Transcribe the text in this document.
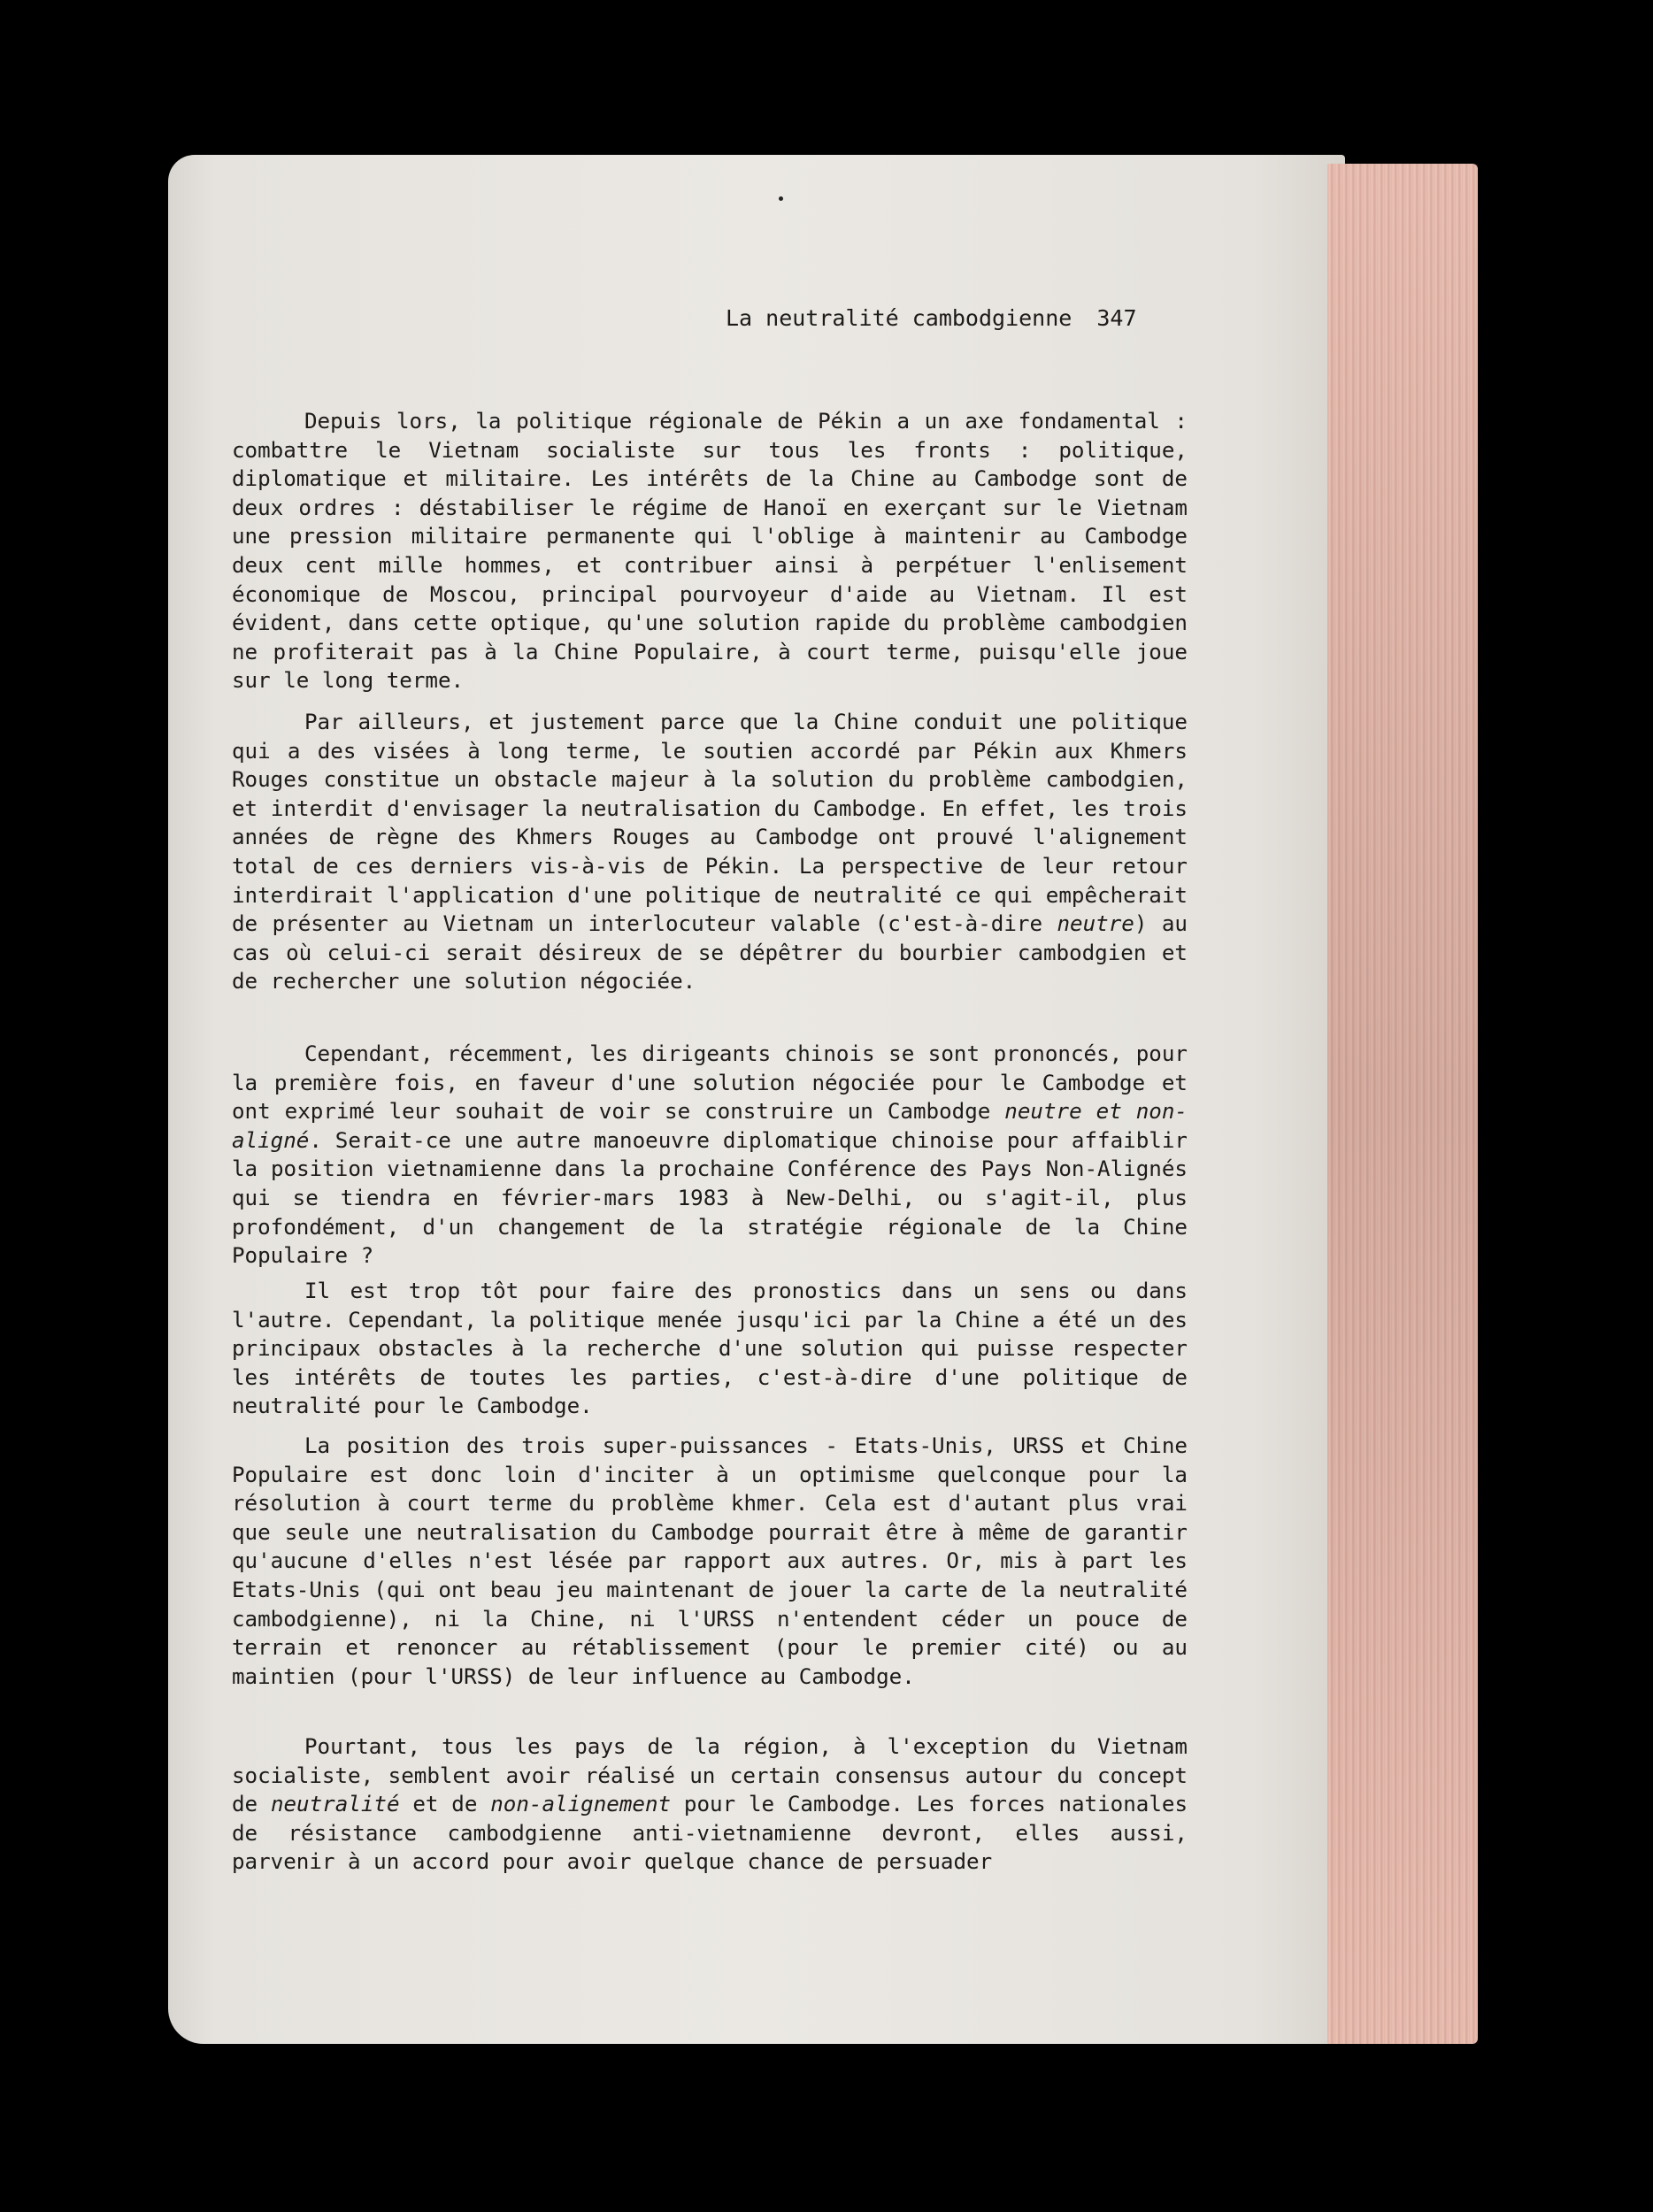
La neutralité cambodgienne 347

Depuis lors, la politique régionale de Pékin a un axe fondamental : combattre le Vietnam socialiste sur tous les fronts : politique, diplomatique et militaire. Les intérêts de la Chine au Cambodge sont de deux ordres : déstabiliser le régime de Hanoï en exerçant sur le Vietnam une pression militaire permanente qui l'oblige à maintenir au Cambodge deux cent mille hommes, et contribuer ainsi à perpétuer l'enlisement économique de Moscou, principal pourvoyeur d'aide au Vietnam. Il est évident, dans cette optique, qu'une solution rapide du problème cambodgien ne profiterait pas à la Chine Populaire, à court terme, puisqu'elle joue sur le long terme.

Par ailleurs, et justement parce que la Chine conduit une politique qui a des visées à long terme, le soutien accordé par Pékin aux Khmers Rouges constitue un obstacle majeur à la solution du problème cambodgien, et interdit d'envisager la neutralisation du Cambodge. En effet, les trois années de règne des Khmers Rouges au Cambodge ont prouvé l'alignement total de ces derniers vis-à-vis de Pékin. La perspective de leur retour interdirait l'application d'une politique de neutralité ce qui empêcherait de présenter au Vietnam un interlocuteur valable (c'est-à-dire neutre) au cas où celui-ci serait désireux de se dépêtrer du bourbier cambodgien et de rechercher une solution négociée.

Cependant, récemment, les dirigeants chinois se sont prononcés, pour la première fois, en faveur d'une solution négociée pour le Cambodge et ont exprimé leur souhait de voir se construire un Cambodge neutre et non-aligné. Serait-ce une autre manoeuvre diplomatique chinoise pour affaiblir la position vietnamienne dans la prochaine Conférence des Pays Non-Alignés qui se tiendra en février-mars 1983 à New-Delhi, ou s'agit-il, plus profondément, d'un changement de la stratégie régionale de la Chine Populaire ?

Il est trop tôt pour faire des pronostics dans un sens ou dans l'autre. Cependant, la politique menée jusqu'ici par la Chine a été un des principaux obstacles à la recherche d'une solution qui puisse respecter les intérêts de toutes les parties, c'est-à-dire d'une politique de neutralité pour le Cambodge.

La position des trois super-puissances - Etats-Unis, URSS et Chine Populaire est donc loin d'inciter à un optimisme quelconque pour la résolution à court terme du problème khmer. Cela est d'autant plus vrai que seule une neutralisation du Cambodge pourrait être à même de garantir qu'aucune d'elles n'est lésée par rapport aux autres. Or, mis à part les Etats-Unis (qui ont beau jeu maintenant de jouer la carte de la neutralité cambodgienne), ni la Chine, ni l'URSS n'entendent céder un pouce de terrain et renoncer au rétablissement (pour le premier cité) ou au maintien (pour l'URSS) de leur influence au Cambodge.

Pourtant, tous les pays de la région, à l'exception du Vietnam socialiste, semblent avoir réalisé un certain consensus autour du concept de neutralité et de non-alignement pour le Cambodge. Les forces nationales de résistance cambodgienne anti-vietnamienne devront, elles aussi, parvenir à un accord pour avoir quelque chance de persuader
